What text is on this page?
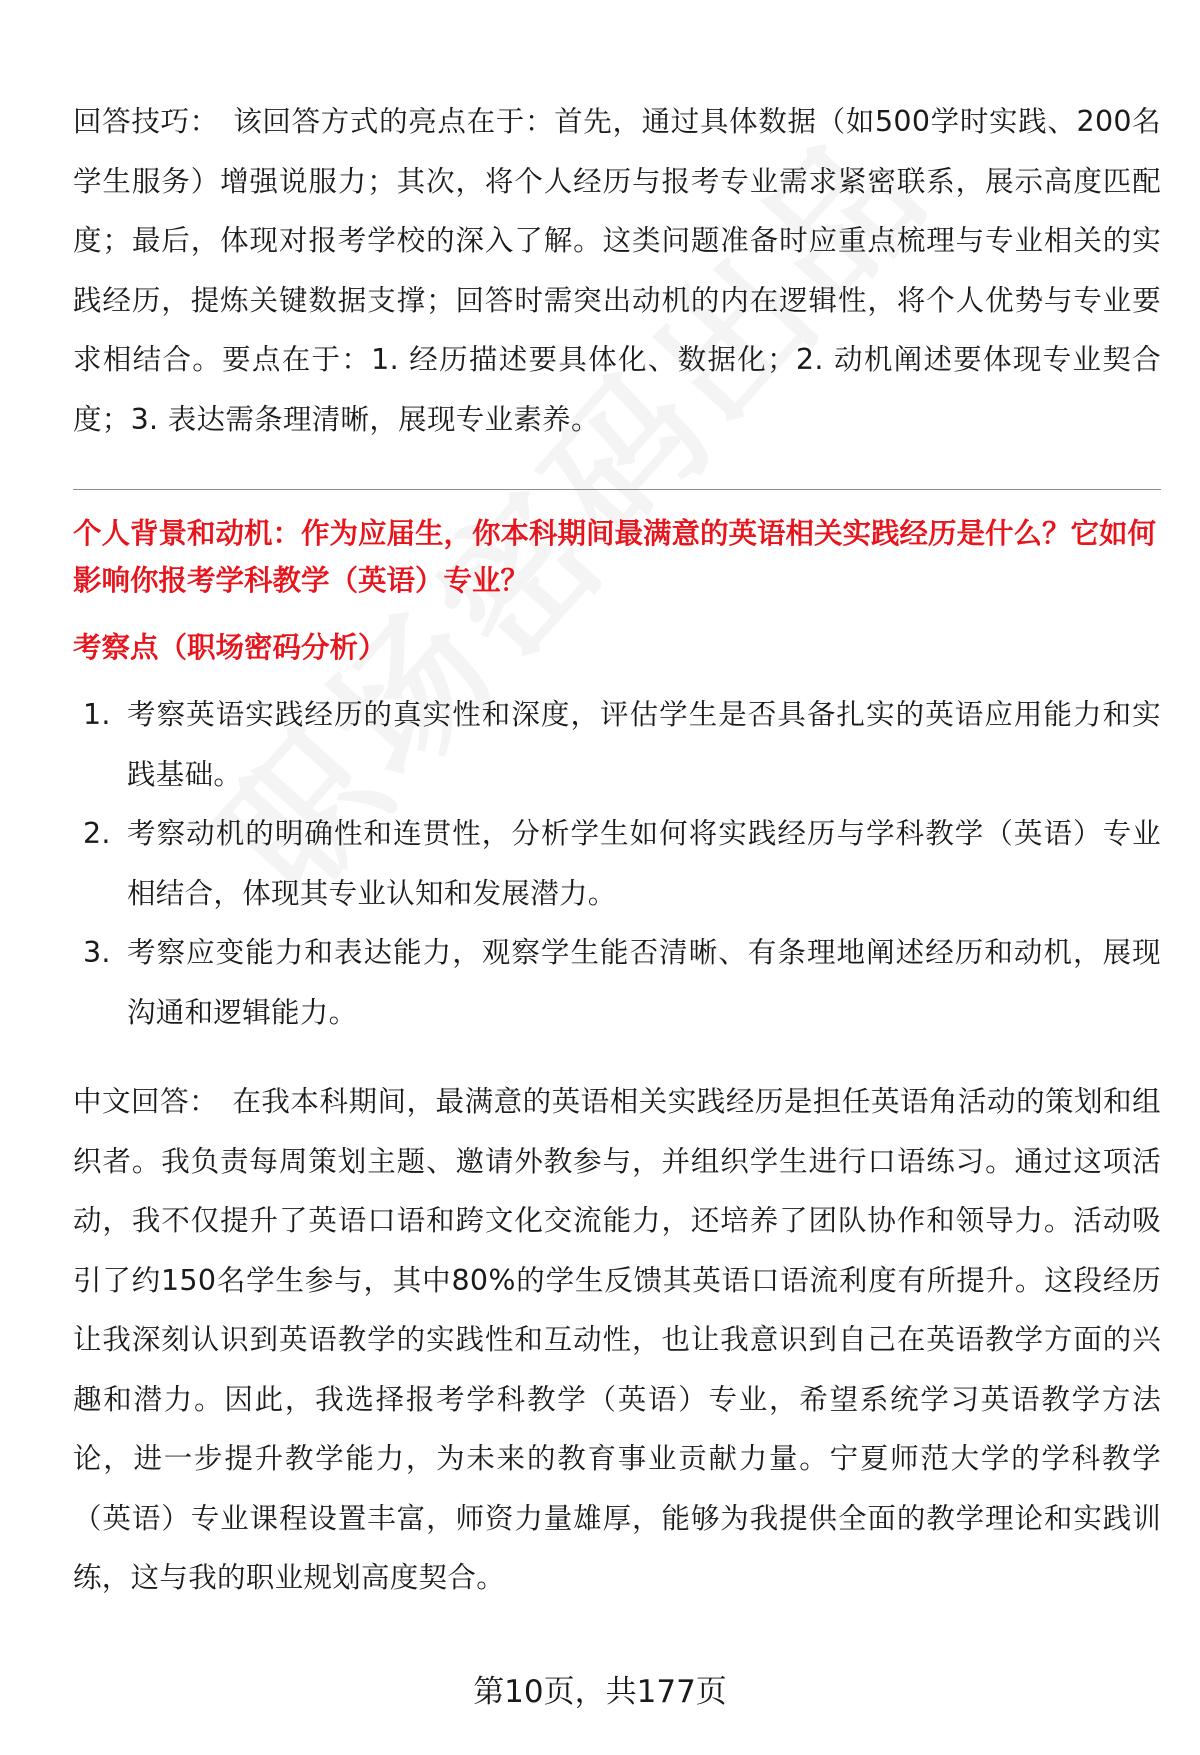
回答技巧： 该回答方式的亮点在于：首先，通过具体数据（如500学时实践、200名学生服务）增强说服力；其次，将个人经历与报考专业需求紧密联系，展示高度匹配度；最后，体现对报考学校的深入了解。这类问题准备时应重点梳理与专业相关的实践经历，提炼关键数据支撑；回答时需突出动机的内在逻辑性，将个人优势与专业要求相结合。要点在于：1. 经历描述要具体化、数据化；2. 动机阐述要体现专业契合度；3. 表达需条理清晰，展现专业素养。

个人背景和动机：作为应届生，你本科期间最满意的英语相关实践经历是什么？它如何影响你报考学科教学（英语）专业？

考察点（职场密码分析）

1. 考察英语实践经历的真实性和深度，评估学生是否具备扎实的英语应用能力和实践基础。
2. 考察动机的明确性和连贯性，分析学生如何将实践经历与学科教学（英语）专业相结合，体现其专业认知和发展潜力。
3. 考察应变能力和表达能力，观察学生能否清晰、有条理地阐述经历和动机，展现沟通和逻辑能力。

中文回答： 在我本科期间，最满意的英语相关实践经历是担任英语角活动的策划和组织者。我负责每周策划主题、邀请外教参与，并组织学生进行口语练习。通过这项活动，我不仅提升了英语口语和跨文化交流能力，还培养了团队协作和领导力。活动吸引了约150名学生参与，其中80%的学生反馈其英语口语流利度有所提升。这段经历让我深刻认识到英语教学的实践性和互动性，也让我意识到自己在英语教学方面的兴趣和潜力。因此，我选择报考学科教学（英语）专业，希望系统学习英语教学方法论，进一步提升教学能力，为未来的教育事业贡献力量。宁夏师范大学的学科教学（英语）专业课程设置丰富，师资力量雄厚，能够为我提供全面的教学理论和实践训练，这与我的职业规划高度契合。

第10页，共177页
